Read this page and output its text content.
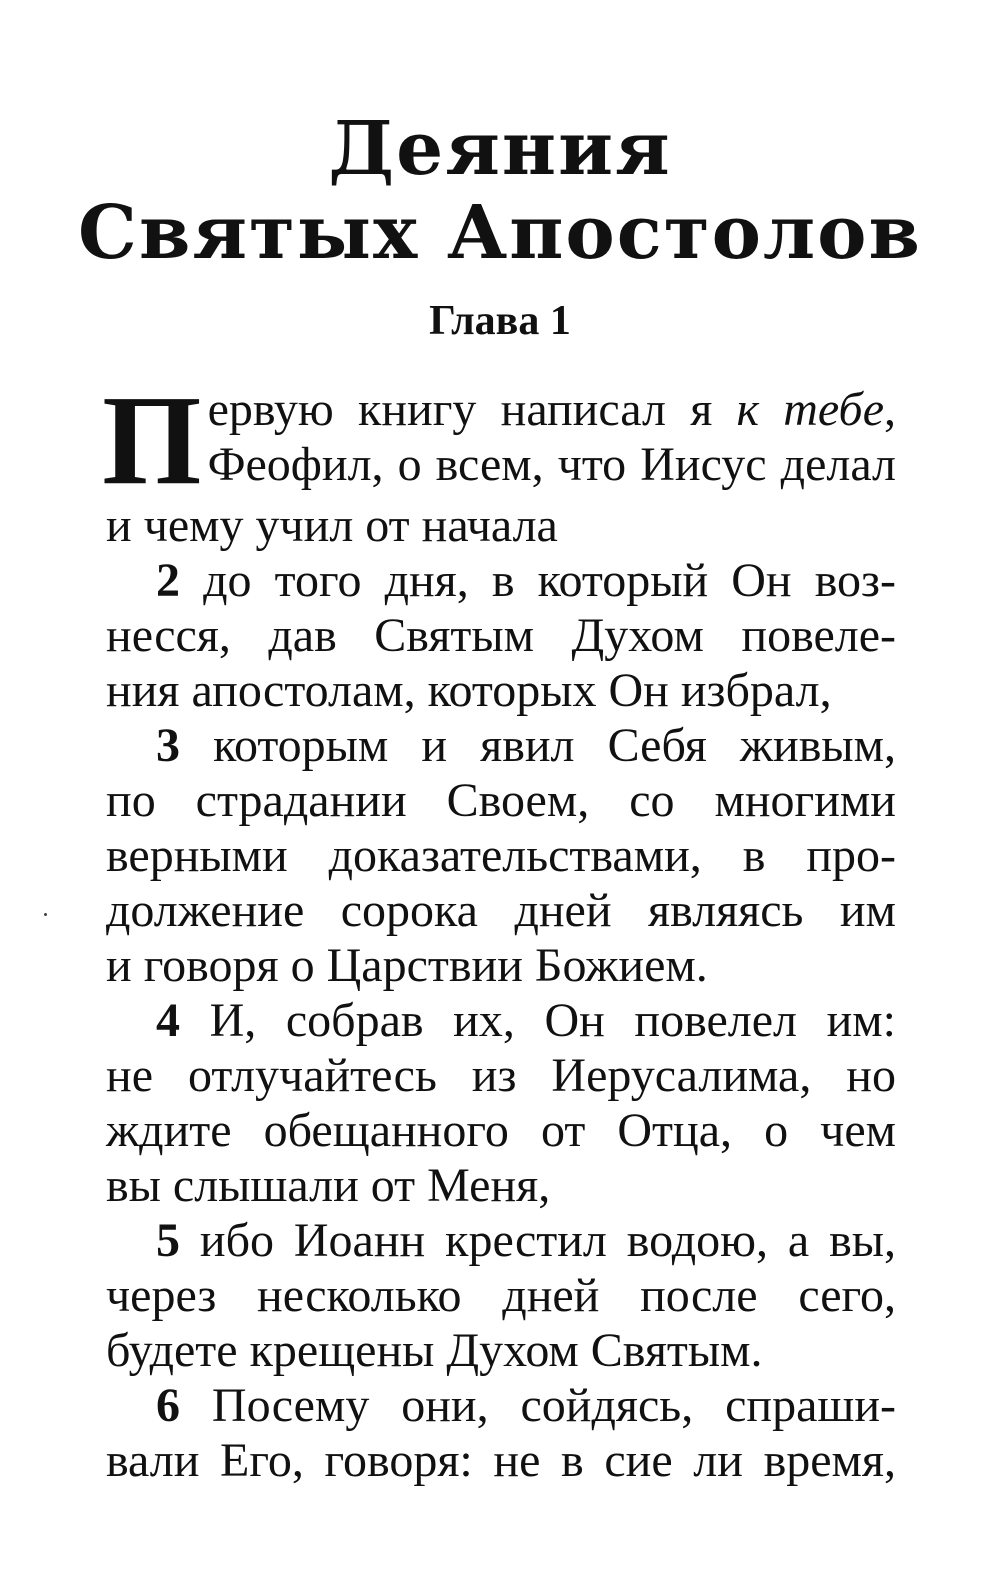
Деяния
Святых Апостолов
Глава 1
П ервую книгу написал я к тебе,
Феофил, о всем, что Иисус делал
и чему учил от начала
2 до того дня, в который Он воз-
несся, дав Святым Духом повеле-
ния апостолам, которых Он избрал,
3 которым и явил Себя живым,
по страдании Своем, со многими
верными доказательствами, в про-
должение сорока дней являясь им
и говоря о Царствии Божием.
4 И, собрав их, Он повелел им:
не отлучайтесь из Иерусалима, но
ждите обещанного от Отца, о чем
вы слышали от Меня,
5 ибо Иоанн крестил водою, а вы,
через несколько дней после сего,
будете крещены Духом Святым.
6 Посему они, сойдясь, спраши-
вали Его, говоря: не в сие ли время,
